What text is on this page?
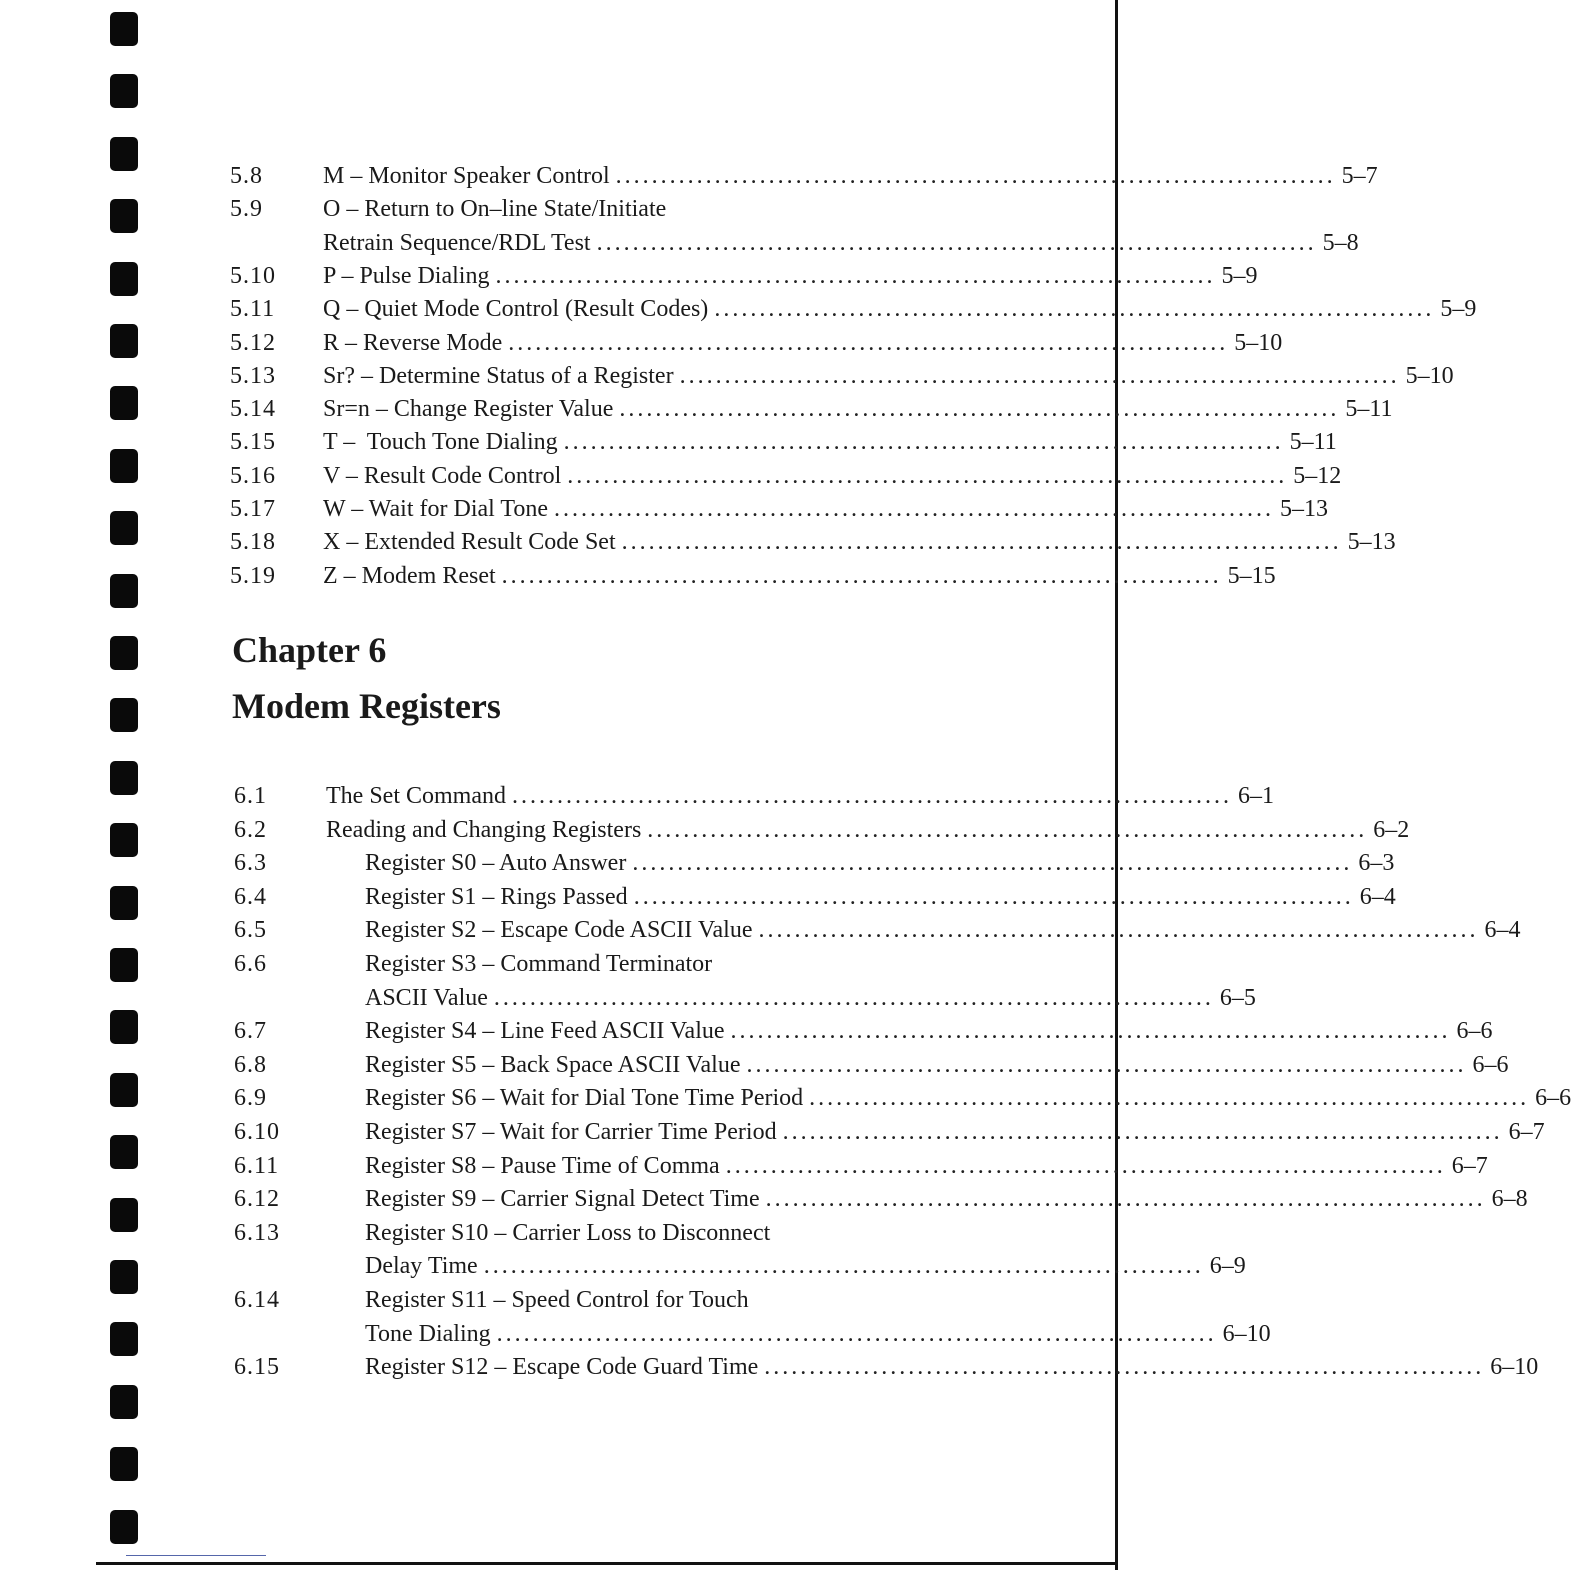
5.8	M – Monitor Speaker Control ................................................................................ 5–7
5.9	O – Return to On–line State/Initiate
Retrain Sequence/RDL Test ................................................................................ 5–8
5.10 P – Pulse Dialing ................................................................................ 5–9
5.11 Q – Quiet Mode Control (Result Codes) ................................................................................ 5–9
5.12 R – Reverse Mode ................................................................................ 5–10
5.13 Sr? – Determine Status of a Register ................................................................................ 5–10
5.14 Sr=n – Change Register Value ................................................................................ 5–11
5.15 T –  Touch Tone Dialing ................................................................................ 5–11
5.16 V – Result Code Control ................................................................................ 5–12
5.17 W – Wait for Dial Tone ................................................................................ 5–13
5.18 X – Extended Result Code Set ................................................................................ 5–13
5.19 Z – Modem Reset ................................................................................ 5–15
Chapter 6
Modem Registers
6.1 The Set Command ................................................................................ 6–1
6.2 Reading and Changing Registers ................................................................................ 6–2
6.3	Register S0 – Auto Answer ................................................................................ 6–3
6.4	Register S1 – Rings Passed ................................................................................ 6–4
6.5	Register S2 – Escape Code ASCII Value ................................................................................ 6–4
6.6	Register S3 – Command Terminator
ASCII Value ................................................................................ 6–5
6.7	Register S4 – Line Feed ASCII Value ................................................................................ 6–6
6.8	Register S5 – Back Space ASCII Value ................................................................................ 6–6
6.9	Register S6 – Wait for Dial Tone Time Period ................................................................................ 6–6
6.10	Register S7 – Wait for Carrier Time Period ................................................................................ 6–7
6.11	Register S8 – Pause Time of Comma ................................................................................ 6–7
6.12	Register S9 – Carrier Signal Detect Time ................................................................................ 6–8
6.13	Register S10 – Carrier Loss to Disconnect
Delay Time ................................................................................ 6–9
6.14	Register S11 – Speed Control for Touch
Tone Dialing ................................................................................ 6–10
6.15	Register S12 – Escape Code Guard Time ................................................................................ 6–10
